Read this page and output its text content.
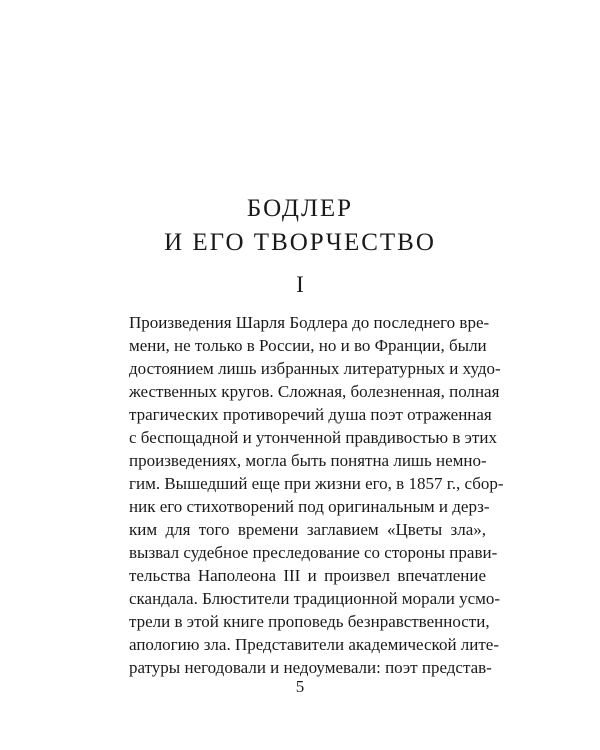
БОДЛЕР
И ЕГО ТВОРЧЕСТВО
I
Произведения Шарля Бодлера до последнего вре-
мени, не только в России, но и во Франции, были
достоянием лишь избранных литературных и худо-
жественных кругов. Сложная, болезненная, полная
трагических противоречий душа поэт отраженная
с беспощадной и утонченной правдивостью в этих
произведениях, могла быть понятна лишь немно-
гим. Вышедший еще при жизни его, в 1857 г., сбор-
ник его стихотворений под оригинальным и дерз-
ким для того времени заглавием «Цветы зла»,
вызвал судебное преследование со стороны прави-
тельства Наполеона III и произвел впечатление
скандала. Блюстители традиционной морали усмо-
трели в этой книге проповедь безнравственности,
апологию зла. Представители академической лите-
ратуры негодовали и недоумевали: поэт представ-
5
